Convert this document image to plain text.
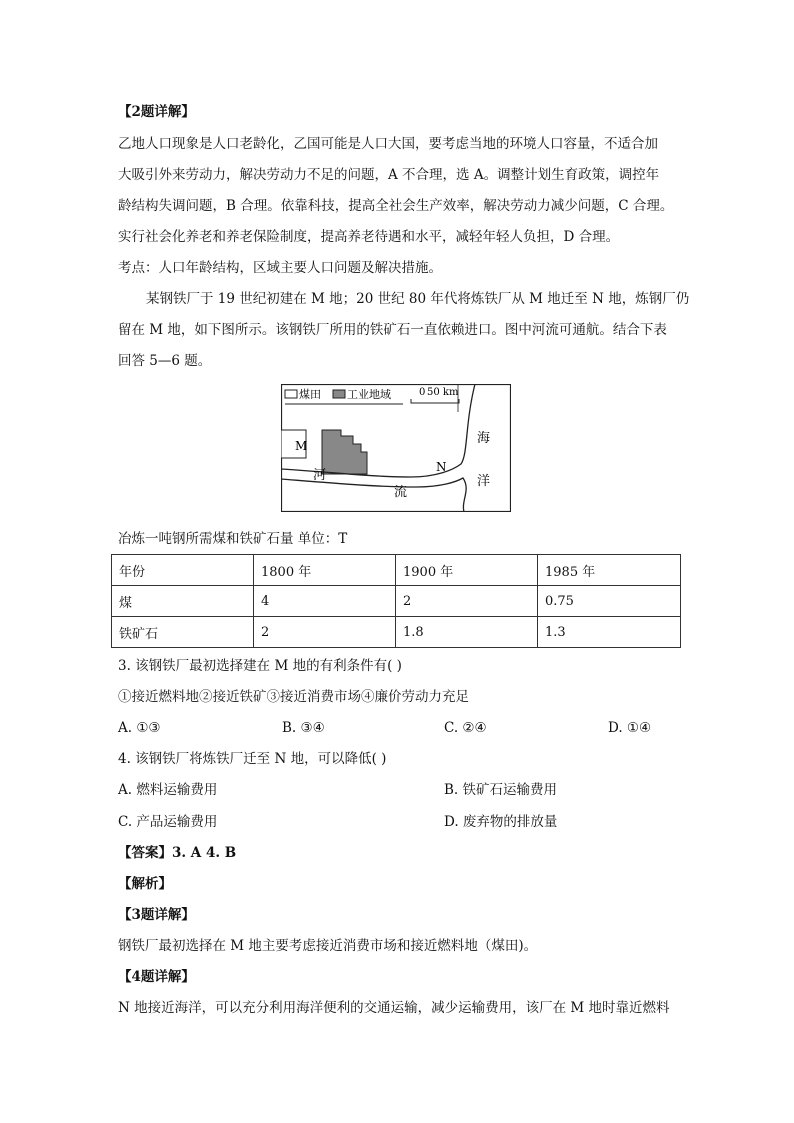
【2题详解】
乙地人口现象是人口老龄化，乙国可能是人口大国，要考虑当地的环境人口容量，不适合加
大吸引外来劳动力，解决劳动力不足的问题，A 不合理，选 A。调整计划生育政策，调控年
龄结构失调问题，B 合理。依靠科技，提高全社会生产效率，解决劳动力减少问题，C 合理。
实行社会化养老和养老保险制度，提高养老待遇和水平，减轻年轻人负担，D 合理。
考点：人口年龄结构，区域主要人口问题及解决措施。
某钢铁厂于 19 世纪初建在 M 地；20 世纪 80 年代将炼铁厂从 M 地迁至 N 地，炼钢厂仍
留在 M 地，如下图所示。该钢铁厂所用的铁矿石一直依赖进口。图中河流可通航。结合下表
回答 5—6 题。
煤田 工业地域	0 50 km
M
N
河
流
海
洋
冶炼一吨钢所需煤和铁矿石量 单位：T
年份	1800 年	1900 年	1985 年
煤	4	2	0.75
铁矿石	2	1.8	1.3
3. 该钢铁厂最初选择建在 M 地的有利条件有( )
①接近燃料地②接近铁矿③接近消费市场④廉价劳动力充足
A. ①③	B. ③④	C. ②④	D. ①④
4. 该钢铁厂将炼铁厂迁至 N 地，可以降低( )
A. 燃料运输费用	B. 铁矿石运输费用
C. 产品运输费用	D. 废弃物的排放量
【答案】3. A 4. B
【解析】
【3题详解】
钢铁厂最初选择在 M 地主要考虑接近消费市场和接近燃料地（煤田)。
【4题详解】
N 地接近海洋，可以充分利用海洋便利的交通运输，减少运输费用，该厂在 M 地时靠近燃料
